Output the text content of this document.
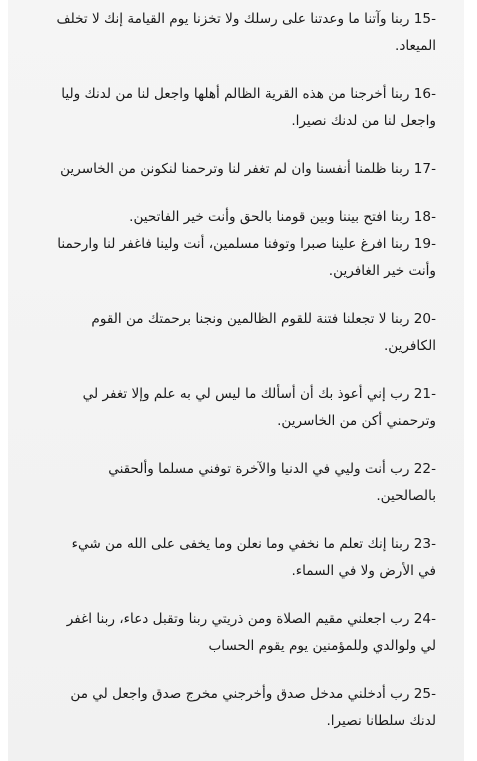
-15 ربنا وآتنا ما وعدتنا على رسلك ولا تخزنا يوم القيامة إنك لا تخلف الميعاد.

-16 ربنا أخرجنا من هذه القرية الظالم أهلها واجعل لنا من لدنك وليا واجعل لنا من لدنك نصيرا.

-17 ربنا ظلمنا أنفسنا وان لم تغفر لنا وترحمنا لنكونن من الخاسرين

-18 ربنا افتح بيننا وبين قومنا بالحق وأنت خير الفاتحين.

-19 ربنا افرغ علينا صبرا وتوفنا مسلمين، أنت ولينا فاغفر لنا وارحمنا وأنت خير الغافرين.

-20 ربنا لا تجعلنا فتنة للقوم الظالمين ونجنا برحمتك من القوم الكافرين.

-21 رب إني أعوذ بك أن أسألك ما ليس لي به علم وإلا تغفر لي وترحمني أكن من الخاسرين.

-22 رب أنت وليي في الدنيا والآخرة توفني مسلما وألحقني بالصالحين.

-23 ربنا إنك تعلم ما نخفي وما نعلن وما يخفى على الله من شيء في الأرض ولا في السماء.

-24 رب اجعلني مقيم الصلاة ومن ذريتي ربنا وتقبل دعاء، ربنا اغفر لي ولوالدي وللمؤمنين يوم يقوم الحساب

-25 رب أدخلني مدخل صدق وأخرجني مخرج صدق واجعل لي من لدنك سلطانا نصيرا.
